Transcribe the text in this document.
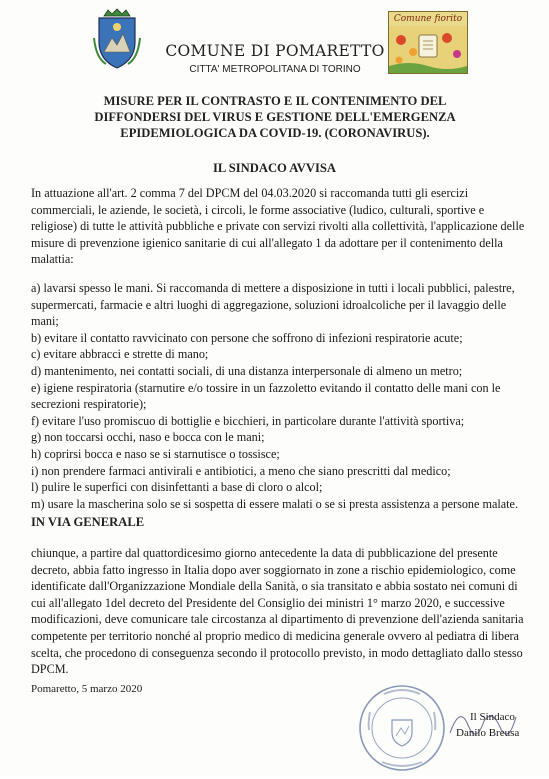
COMUNE DI POMARETTO
CITTA' METROPOLITANA DI TORINO
Comune fiorito
MISURE PER IL CONTRASTO E IL CONTENIMENTO DEL
DIFFONDERSI DEL VIRUS E GESTIONE DELL'EMERGENZA
EPIDEMIOLOGICA DA COVID-19. (CORONAVIRUS).
IL SINDACO AVVISA
In attuazione all'art. 2 comma 7 del DPCM del 04.03.2020 si raccomanda tutti gli esercizi commerciali, le aziende, le società, i circoli, le forme associative (ludico, culturali, sportive e religiose) di tutte le attività pubbliche e private con servizi rivolti alla collettività, l'applicazione delle misure di prevenzione igienico sanitarie di cui all'allegato 1 da adottare per il contenimento della malattia:
a) lavarsi spesso le mani. Si raccomanda di mettere a disposizione in tutti i locali pubblici, palestre, supermercati, farmacie e altri luoghi di aggregazione, soluzioni idroalcoliche per il lavaggio delle mani;
b) evitare il contatto ravvicinato con persone che soffrono di infezioni respiratorie acute;
c) evitare abbracci e strette di mano;
d) mantenimento, nei contatti sociali, di una distanza interpersonale di almeno un metro;
e) igiene respiratoria (starnutire e/o tossire in un fazzoletto evitando il contatto delle mani con le secrezioni respiratorie);
f) evitare l'uso promiscuo di bottiglie e bicchieri, in particolare durante l'attività sportiva;
g) non toccarsi occhi, naso e bocca con le mani;
h) coprirsi bocca e naso se si starnutisce o tossisce;
i) non prendere farmaci antivirali e antibiotici, a meno che siano prescritti dal medico;
l) pulire le superfici con disinfettanti a base di cloro o alcol;
m) usare la mascherina solo se si sospetta di essere malati o se si presta assistenza a persone malate.
IN VIA GENERALE
chiunque, a partire dal quattordicesimo giorno antecedente la data di pubblicazione del presente decreto, abbia fatto ingresso in Italia dopo aver soggiornato in zone a rischio epidemiologico, come identificate dall'Organizzazione Mondiale della Sanità, o sia transitato e abbia sostato nei comuni di cui all'allegato 1del decreto del Presidente del Consiglio dei ministri 1° marzo 2020, e successive modificazioni, deve comunicare tale circostanza al dipartimento di prevenzione dell'azienda sanitaria competente per territorio nonché al proprio medico di medicina generale ovvero al pediatra di libera scelta, che procedono di conseguenza secondo il protocollo previsto, in modo dettagliato dallo stesso DPCM.
Pomaretto, 5 marzo 2020
Il Sindaco
Danilo Breusa
